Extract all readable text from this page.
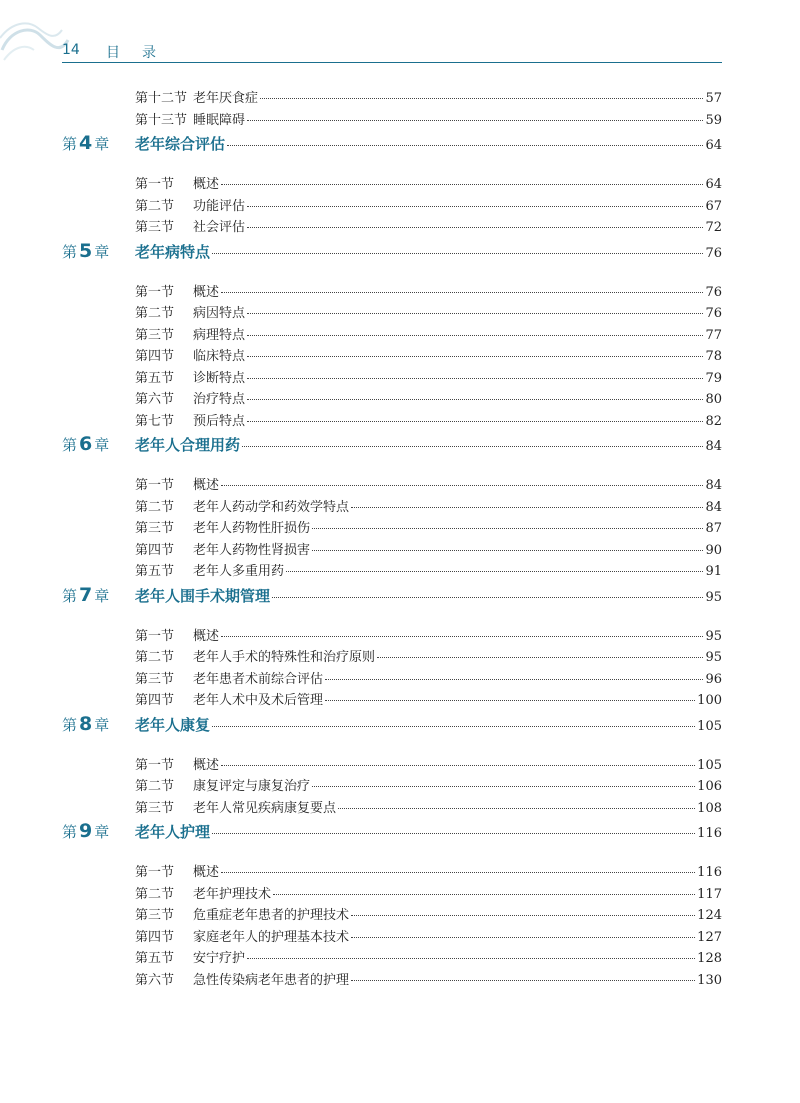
14 目录
第十二节 老年厌食症	57
第十三节 睡眠障碍	59
第 4 章	老年综合评估	64
第一节	概述	64
第二节	功能评估	67
第三节	社会评估	72
第 5 章	老年病特点	76
第一节	概述	76
第二节	病因特点	76
第三节	病理特点	77
第四节	临床特点	78
第五节	诊断特点	79
第六节	治疗特点	80
第七节	预后特点	82
第 6 章	老年人合理用药	84
第一节	概述	84
第二节	老年人药动学和药效学特点	84
第三节	老年人药物性肝损伤	87
第四节	老年人药物性肾损害	90
第五节	老年人多重用药	91
第 7 章	老年人围手术期管理	95
第一节	概述	95
第二节	老年人手术的特殊性和治疗原则	95
第三节	老年患者术前综合评估	96
第四节	老年人术中及术后管理	100
第 8 章	老年人康复	105
第一节	概述	105
第二节	康复评定与康复治疗	106
第三节	老年人常见疾病康复要点	108
第 9 章	老年人护理	116
第一节	概述	116
第二节	老年护理技术	117
第三节	危重症老年患者的护理技术	124
第四节	家庭老年人的护理基本技术	127
第五节	安宁疗护	128
第六节	急性传染病老年患者的护理	130
